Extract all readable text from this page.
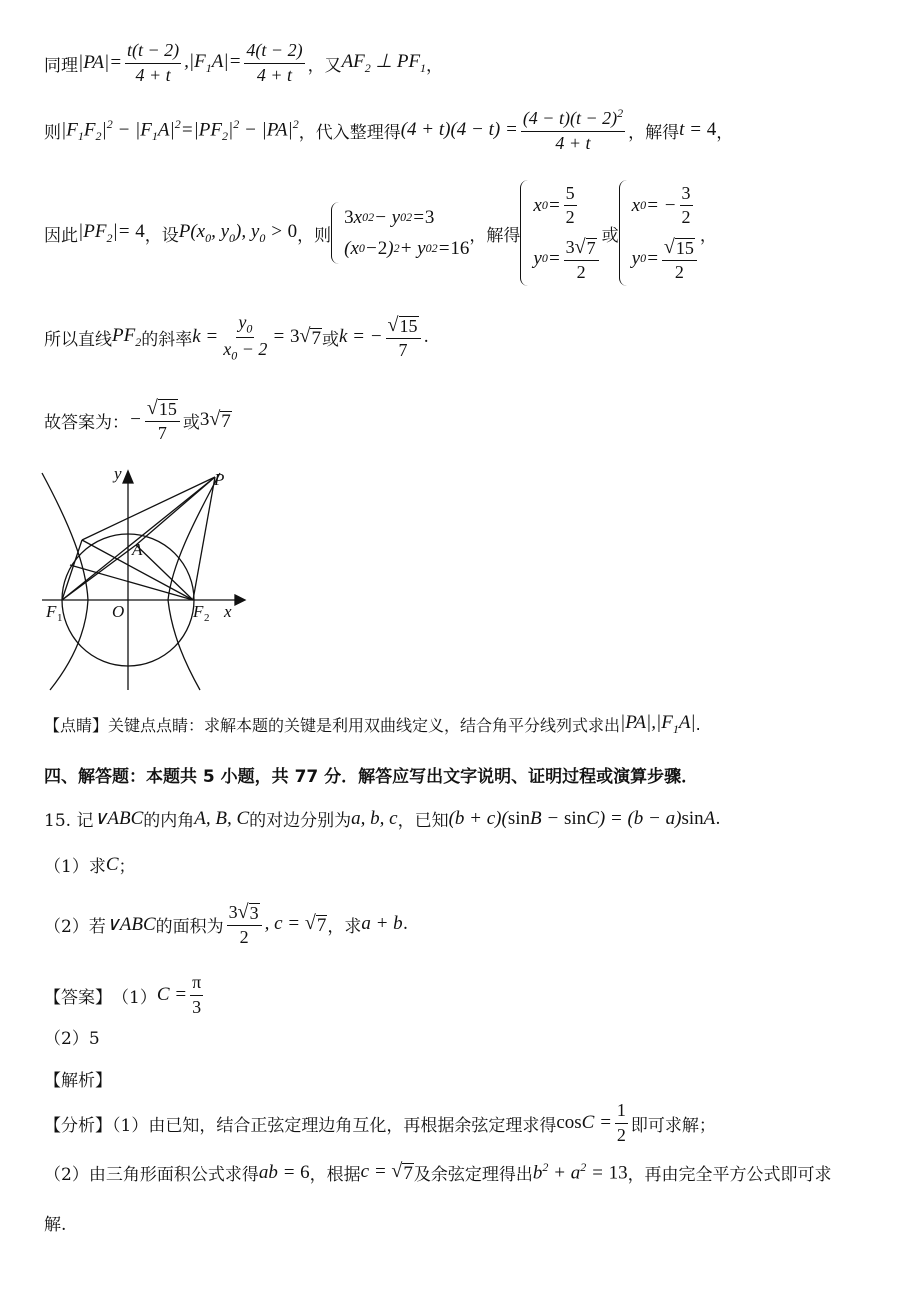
同理 $|PA|= \frac{t(t - 2)}{4 + t} ,|F_1A|= \frac{4(t - 2)}{4 + t}$ ，又 $AF_2$ ⊥ $PF_1$ ，
则 $|F_1F_2|^2 - |F_1A|^2=|PF_2|^2 - |PA|^2$ ，代入整理得 $(4 + t)(4 - t) = \frac{(4 - t)(t - 2)^2}{4 + t}$ ，解得 t = 4 ，
因此 $|PF_2|= 4$ ，设 $P(x_0$, $y_0$), $y_0 > 0$ ，则
3 x 0 2 − y 0 2 = 3
(x 0 − 2 ) 2 + y 0 2 = 16
，解得
x $0 = \frac{5}{2}$
y $0 = \frac{3 √ 7}{2}$ 或
x 0 = − $\frac{3}{2}$
y $0 = \frac{√ 15}{2}$ ，
所以直线 $PF_2$ 的斜率 $k = \frac{y_0}{x_0 - 2} = 3$ √ 7 或 k = − $\frac{√ 15}{7}$ .
故答案为： − $\frac{√ 15}{7}$ 或 3 √ 7
y	P
A
O	x
F 1	F 2
【点睛】关键点点睛：求解本题的关键是利用双曲线定义，结合角平分线列式求出 $|PA|,|F_1A|$ .
四、解答题：本题共 5 小题，共 77 分．解答应写出文字说明、证明过程或演算步骤．
15. 记 ∨ABC 的内角 A, B, C 的对边分别为 a, b, c ，已知 (b + c)(sinB − sinC) = (b − a)sinA .
（1）求 C ；
（2）若 ∨ABC 的面积为 $\frac{3 √ 3}{2}$ , c = √ 7 ，求 a + b .
【答案】 （1） $C = \frac{\pi}{3}$
（2）5
【解析】
【分析】（1）由已知，结合正弦定理边角互化，再根据余弦定理求得 $\cos C = \frac{1}{2}$ 即可求解；
（2）由三角形面积公式求得 ab = 6 ，根据 c = √ 7 及余弦定理得出 $b^2 + a^2 = 13$ ，再由完全平方公式即可求
解.
